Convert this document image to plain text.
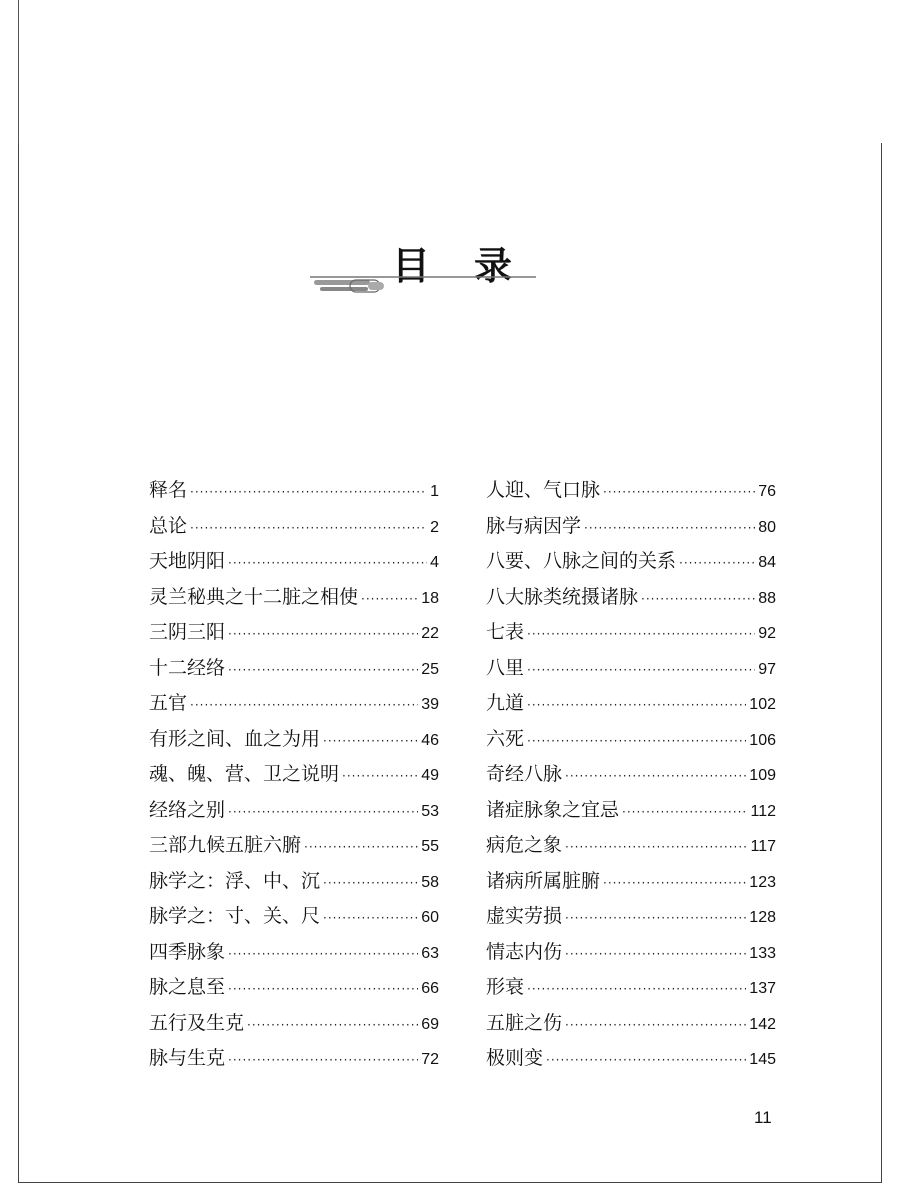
目录
释名 ·····	1
总论 ·····	2
天地阴阳 ·····	4
灵兰秘典之十二脏之相使 ·····	18
三阴三阳 ·····	22
十二经络 ·····	25
五官 ·····	39
有形之间、血之为用 ·····	46
魂、魄、营、卫之说明 ·····	49
经络之别 ·····	53
三部九候五脏六腑 ·····	55
脉学之：浮、中、沉 ·····	58
脉学之：寸、关、尺 ·····	60
四季脉象 ·····	63
脉之息至 ·····	66
五行及生克 ·····	69
脉与生克 ·····	72
人迎、气口脉 ·····	76
脉与病因学 ·····	80
八要、八脉之间的关系 ·····	84
八大脉类统摄诸脉 ·····	88
七表 ·····	92
八里 ·····	97
九道 ·····	102
六死 ·····	106
奇经八脉 ·····	109
诸症脉象之宜忌 ·····	112
病危之象 ·····	117
诸病所属脏腑 ·····	123
虚实劳损 ·····	128
情志内伤 ·····	133
形衰 ·····	137
五脏之伤 ·····	142
极则变 ·····	145
11
